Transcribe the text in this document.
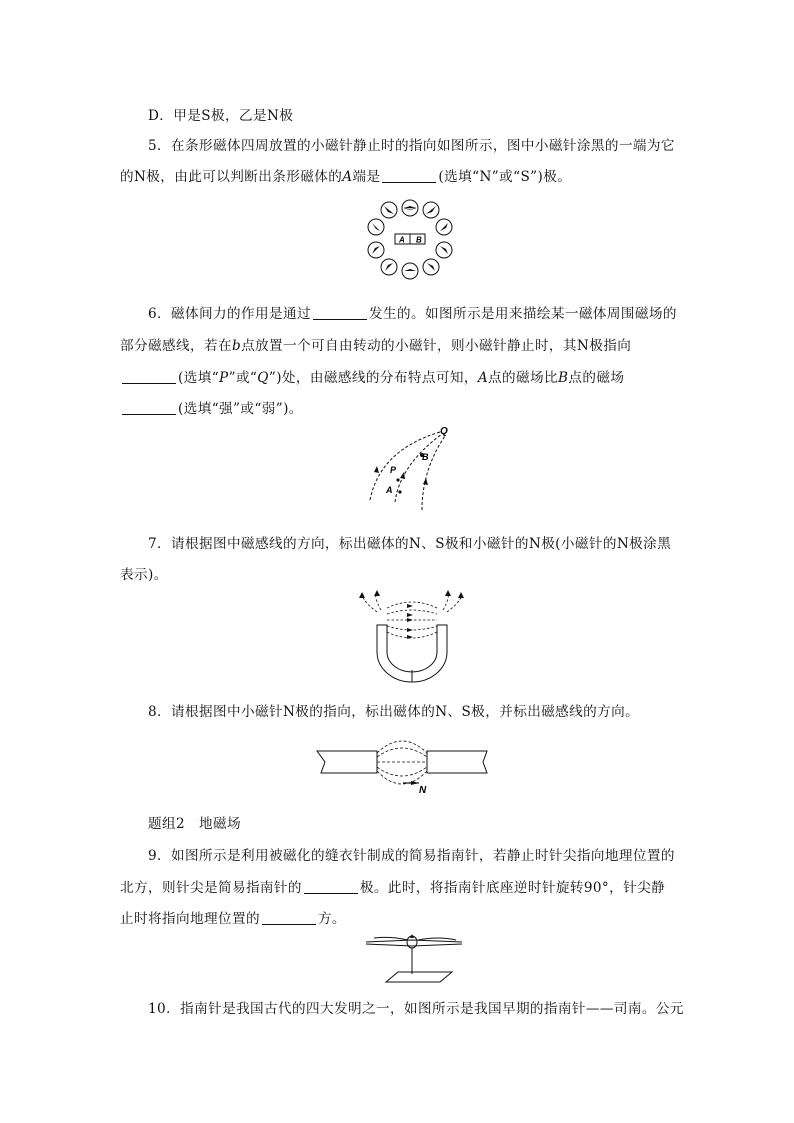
D．甲是S极，乙是N极
5．在条形磁体四周放置的小磁针静止时的指向如图所示，图中小磁针涂黑的一端为它
的N极，由此可以判断出条形磁体的A端是	(选填“N”或“S”)极。
A B
6．磁体间力的作用是通过	发生的。如图所示是用来描绘某一磁体周围磁场的
部分磁感线，若在b点放置一个可自由转动的小磁针，则小磁针静止时，其N极指向
(选填“P”或“Q”)处，由磁感线的分布特点可知，A点的磁场比B点的磁场
(选填“强”或“弱”)。
Q
B
P
A
7．请根据图中磁感线的方向，标出磁体的N、S极和小磁针的N极(小磁针的N极涂黑
表示)。
8．请根据图中小磁针N极的指向，标出磁体的N、S极，并标出磁感线的方向。
N
题组2　地磁场
9．如图所示是利用被磁化的缝衣针制成的简易指南针，若静止时针尖指向地理位置的
北方，则针尖是简易指南针的	极。此时，将指南针底座逆时针旋转90°，针尖静
止时将指向地理位置的	方。
10．指南针是我国古代的四大发明之一，如图所示是我国早期的指南针——司南。公元
